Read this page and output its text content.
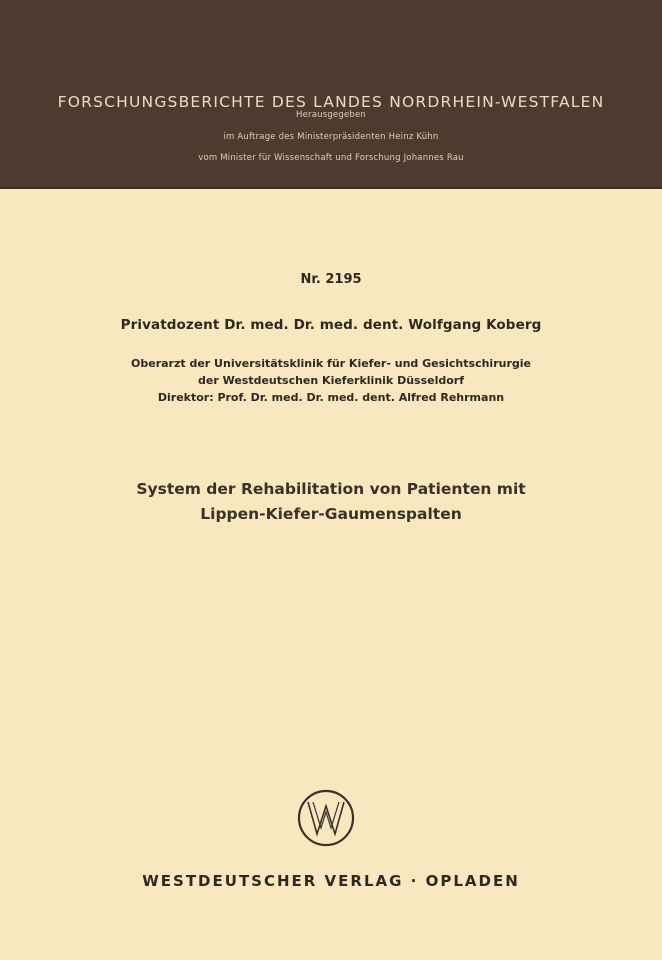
FORSCHUNGSBERICHTE DES LANDES NORDRHEIN-WESTFALEN
Herausgegeben
im Auftrage des Ministerpräsidenten Heinz Kühn
vom Minister für Wissenschaft und Forschung Johannes Rau
Nr. 2195
Privatdozent Dr. med. Dr. med. dent. Wolfgang Koberg
Oberarzt der Universitätsklinik für Kiefer- und Gesichtschirurgie
der Westdeutschen Kieferklinik Düsseldorf
Direktor: Prof. Dr. med. Dr. med. dent. Alfred Rehrmann
System der Rehabilitation von Patienten mit
Lippen-Kiefer-Gaumenspalten
WESTDEUTSCHER VERLAG · OPLADEN
